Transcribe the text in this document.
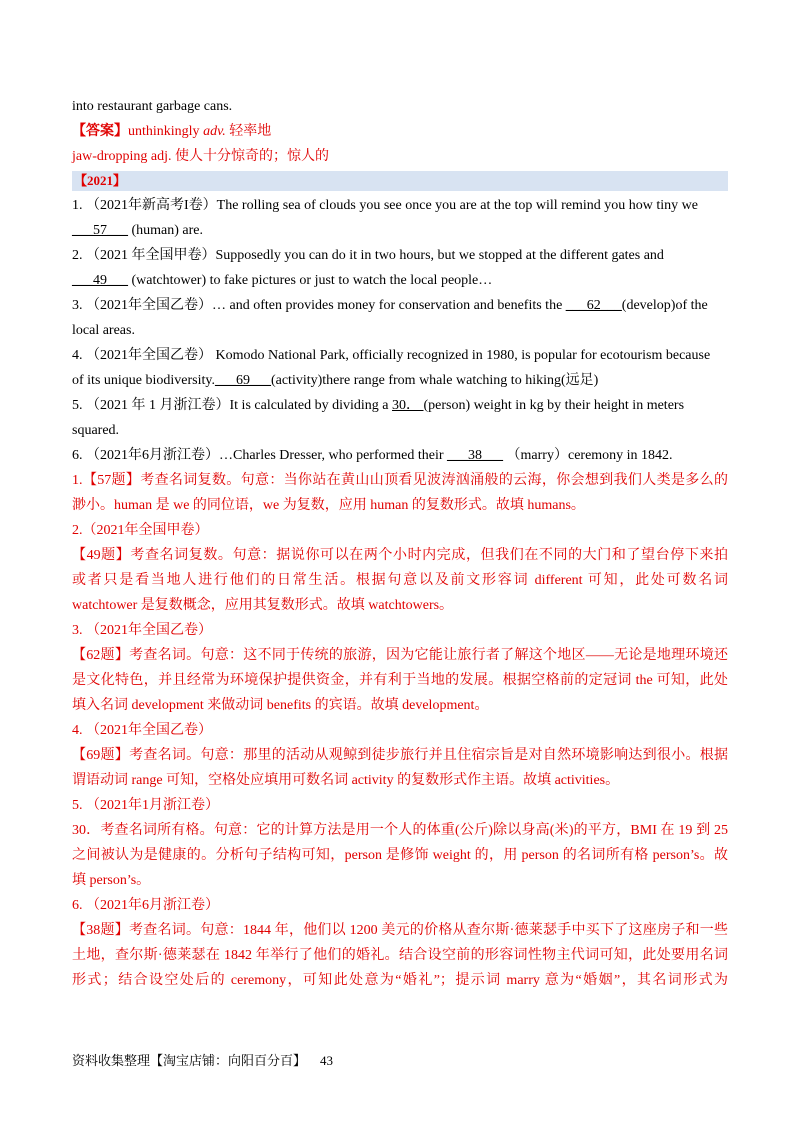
into restaurant garbage cans.
【答案】unthinkingly adv. 轻率地
jaw-dropping adj. 使人十分惊奇的；惊人的
【2021】
1. （2021年新高考I卷）The rolling sea of clouds you see once you are at the top will remind you how tiny we
___57___ (human) are.
2. （2021 年全国甲卷）Supposedly you can do it in two hours, but we stopped at the different gates and
___49___ (watchtower) to fake pictures or just to watch the local people…
3. （2021年全国乙卷）… and often provides money for conservation and benefits the ___62___(develop)of the
local areas.
4. （2021年全国乙卷） Komodo National Park, officially recognized in 1980, is popular for ecotourism because
of its unique biodiversity.___69___(activity)there range from whale watching to hiking(远足)
5. （2021 年 1 月浙江卷）It is calculated by dividing a 30． (person) weight in kg by their height in meters
squared.
6. （2021年6月浙江卷）…Charles Dresser, who performed their ___38___ （marry）ceremony in 1842.
1.【57题】考查名词复数。句意：当你站在黄山山顶看见波涛汹涌般的云海，你会想到我们人类是多么的
渺小。human 是 we 的同位语，we 为复数，应用 human 的复数形式。故填 humans。
2.（2021年全国甲卷）
【49题】考查名词复数。句意：据说你可以在两个小时内完成，但我们在不同的大门和了望台停下来拍
或者只是看当地人进行他们的日常生活。根据句意以及前文形容词 different 可知，此处可数名词
watchtower 是复数概念，应用其复数形式。故填 watchtowers。
3. （2021年全国乙卷）
【62题】考查名词。句意：这不同于传统的旅游，因为它能让旅行者了解这个地区——无论是地理环境还
是文化特色，并且经常为环境保护提供资金，并有利于当地的发展。根据空格前的定冠词 the 可知，此处
填入名词 development 来做动词 benefits 的宾语。故填 development。
4. （2021年全国乙卷）
【69题】考查名词。句意：那里的活动从观鲸到徒步旅行并且住宿宗旨是对自然环境影响达到很小。根据
谓语动词 range 可知，空格处应填用可数名词 activity 的复数形式作主语。故填 activities。
5. （2021年1月浙江卷）
30．考查名词所有格。句意：它的计算方法是用一个人的体重(公斤)除以身高(米)的平方，BMI 在 19 到 25
之间被认为是健康的。分析句子结构可知，person 是修饰 weight 的，用 person 的名词所有格 person’s。故
填 person’s。
6. （2021年6月浙江卷）
【38题】考查名词。句意：1844 年，他们以 1200 美元的价格从查尔斯·德莱瑟手中买下了这座房子和一些
土地，查尔斯·德莱瑟在 1842 年举行了他们的婚礼。结合设空前的形容词性物主代词可知，此处要用名词
形式；结合设空处后的 ceremony，可知此处意为“婚礼”；提示词 marry 意为“婚姻”，其名词形式为
资料收集整理【淘宝店铺：向阳百分百】 43
